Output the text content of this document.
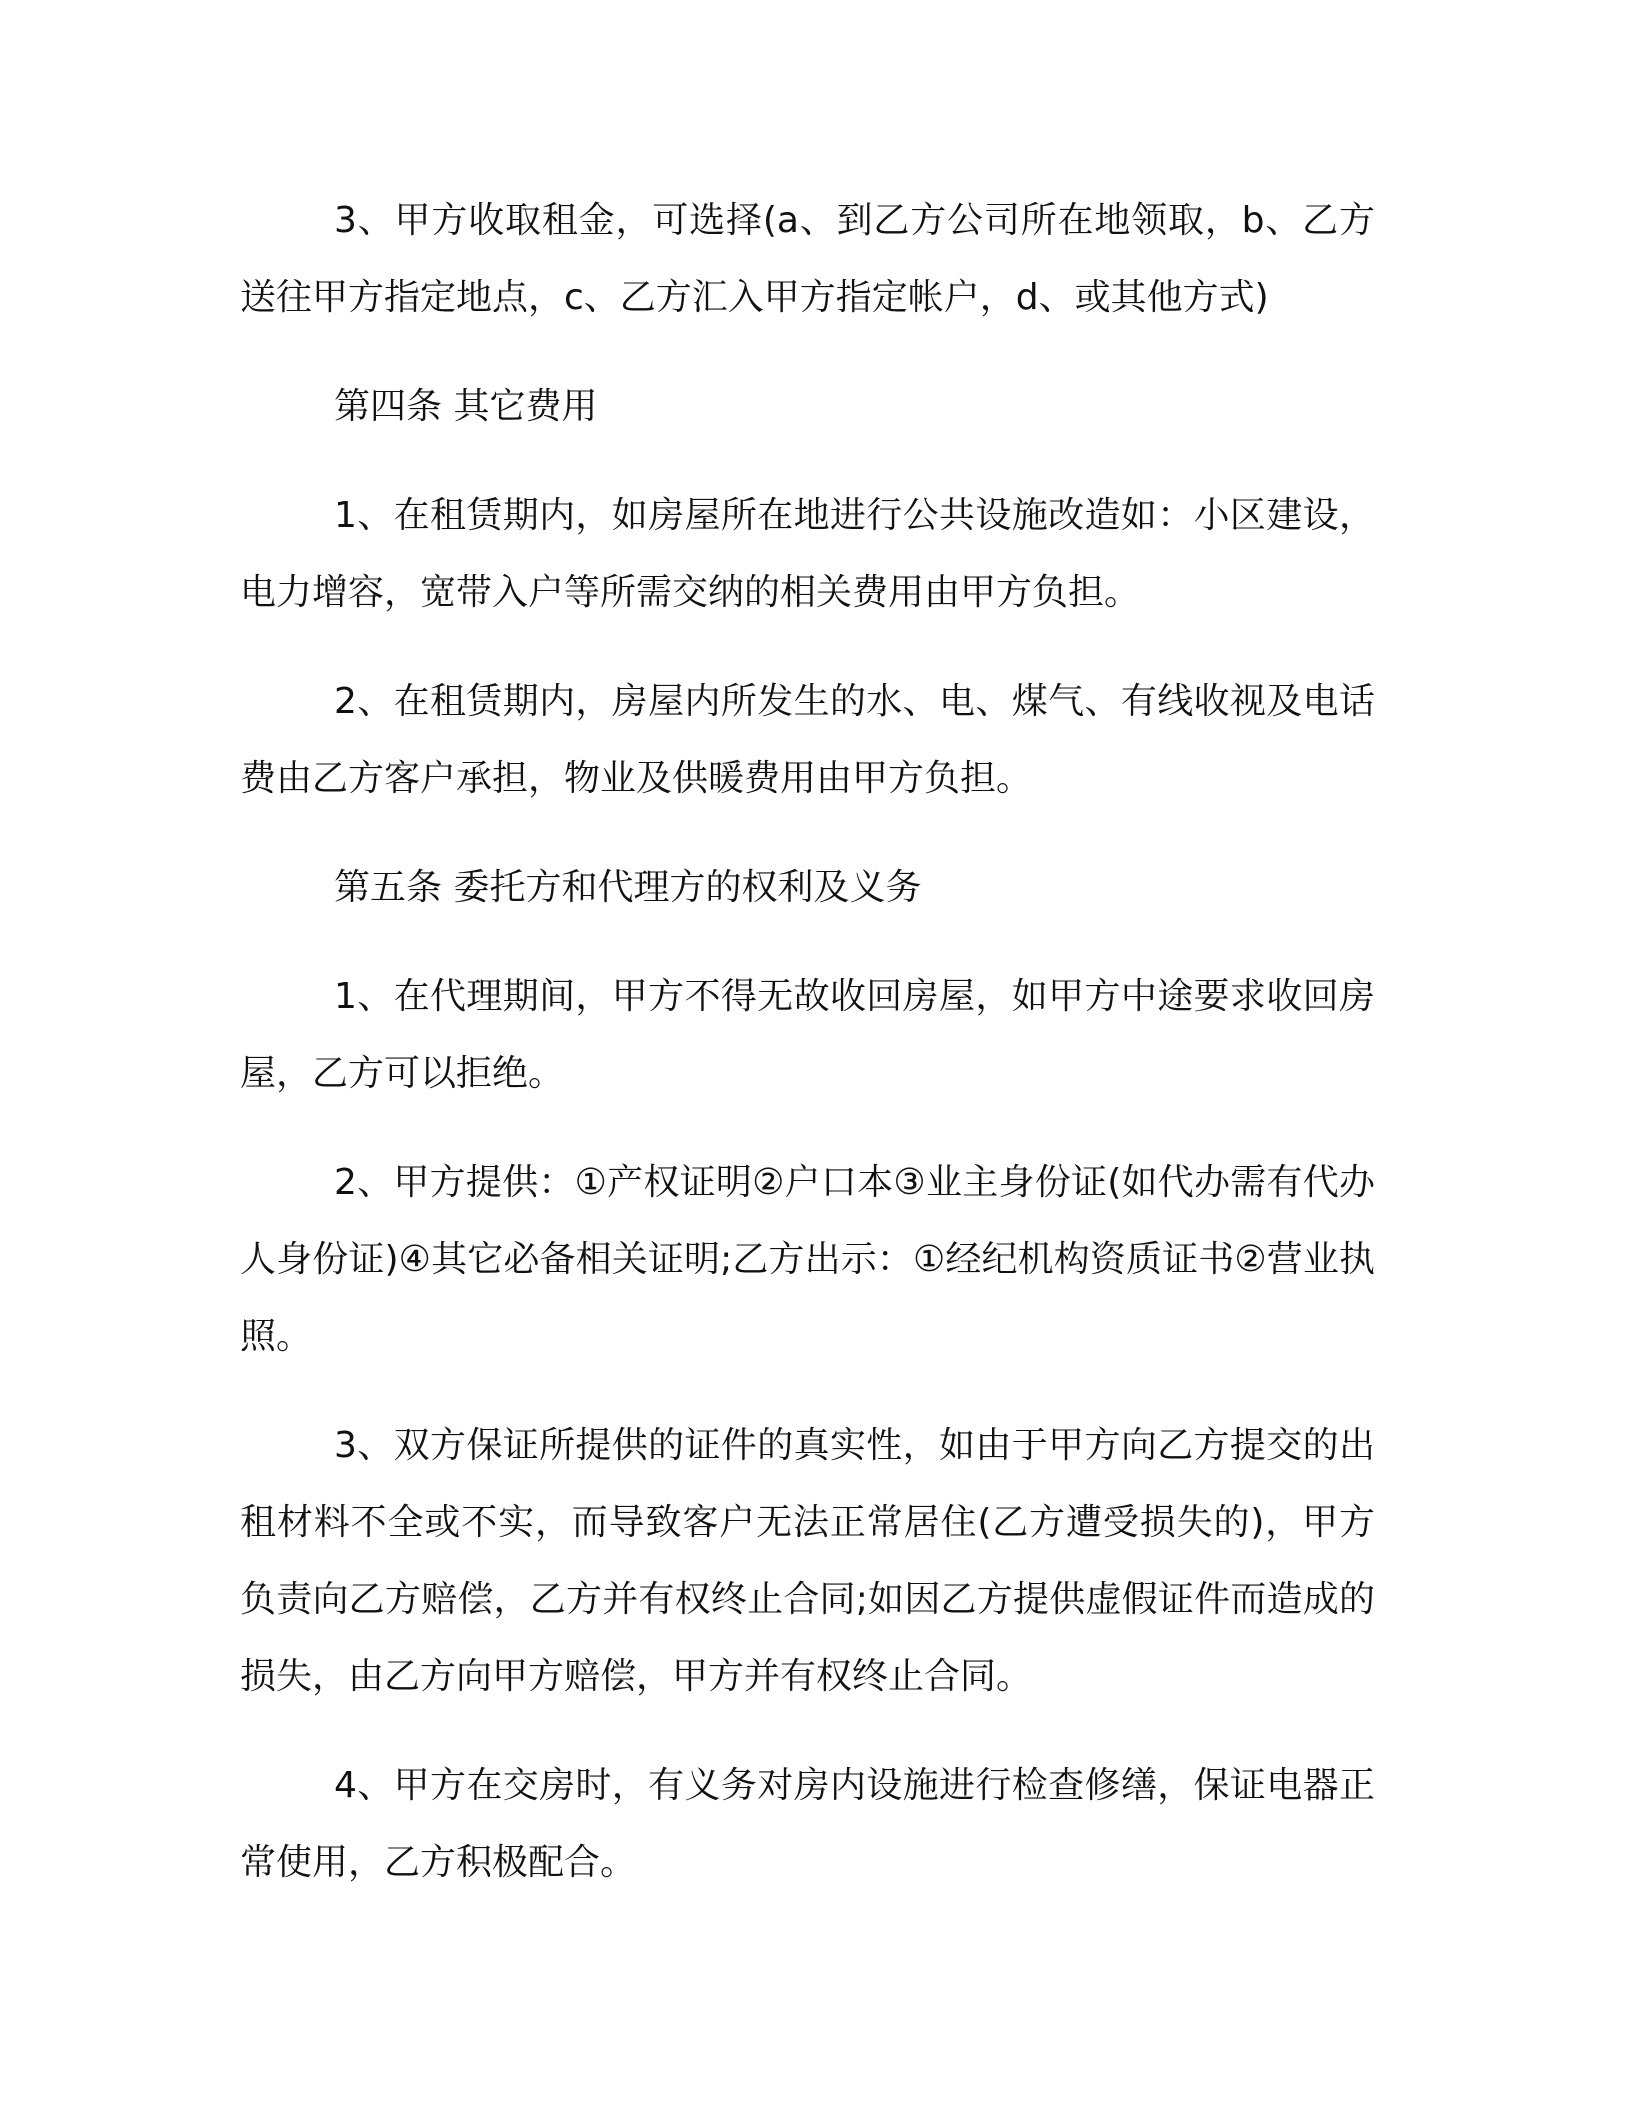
3、甲方收取租金，可选择(a、到乙方公司所在地领取，b、乙方送往甲方指定地点，c、乙方汇入甲方指定帐户，d、或其他方式)

第四条 其它费用

1、在租赁期内，如房屋所在地进行公共设施改造如：小区建设，电力增容，宽带入户等所需交纳的相关费用由甲方负担。

2、在租赁期内，房屋内所发生的水、电、煤气、有线收视及电话费由乙方客户承担，物业及供暖费用由甲方负担。

第五条 委托方和代理方的权利及义务

1、在代理期间，甲方不得无故收回房屋，如甲方中途要求收回房屋，乙方可以拒绝。

2、甲方提供：①产权证明②户口本③业主身份证(如代办需有代办人身份证)④其它必备相关证明;乙方出示：①经纪机构资质证书②营业执照。

3、双方保证所提供的证件的真实性，如由于甲方向乙方提交的出租材料不全或不实，而导致客户无法正常居住(乙方遭受损失的)，甲方负责向乙方赔偿，乙方并有权终止合同;如因乙方提供虚假证件而造成的损失，由乙方向甲方赔偿，甲方并有权终止合同。

4、甲方在交房时，有义务对房内设施进行检查修缮，保证电器正常使用，乙方积极配合。
